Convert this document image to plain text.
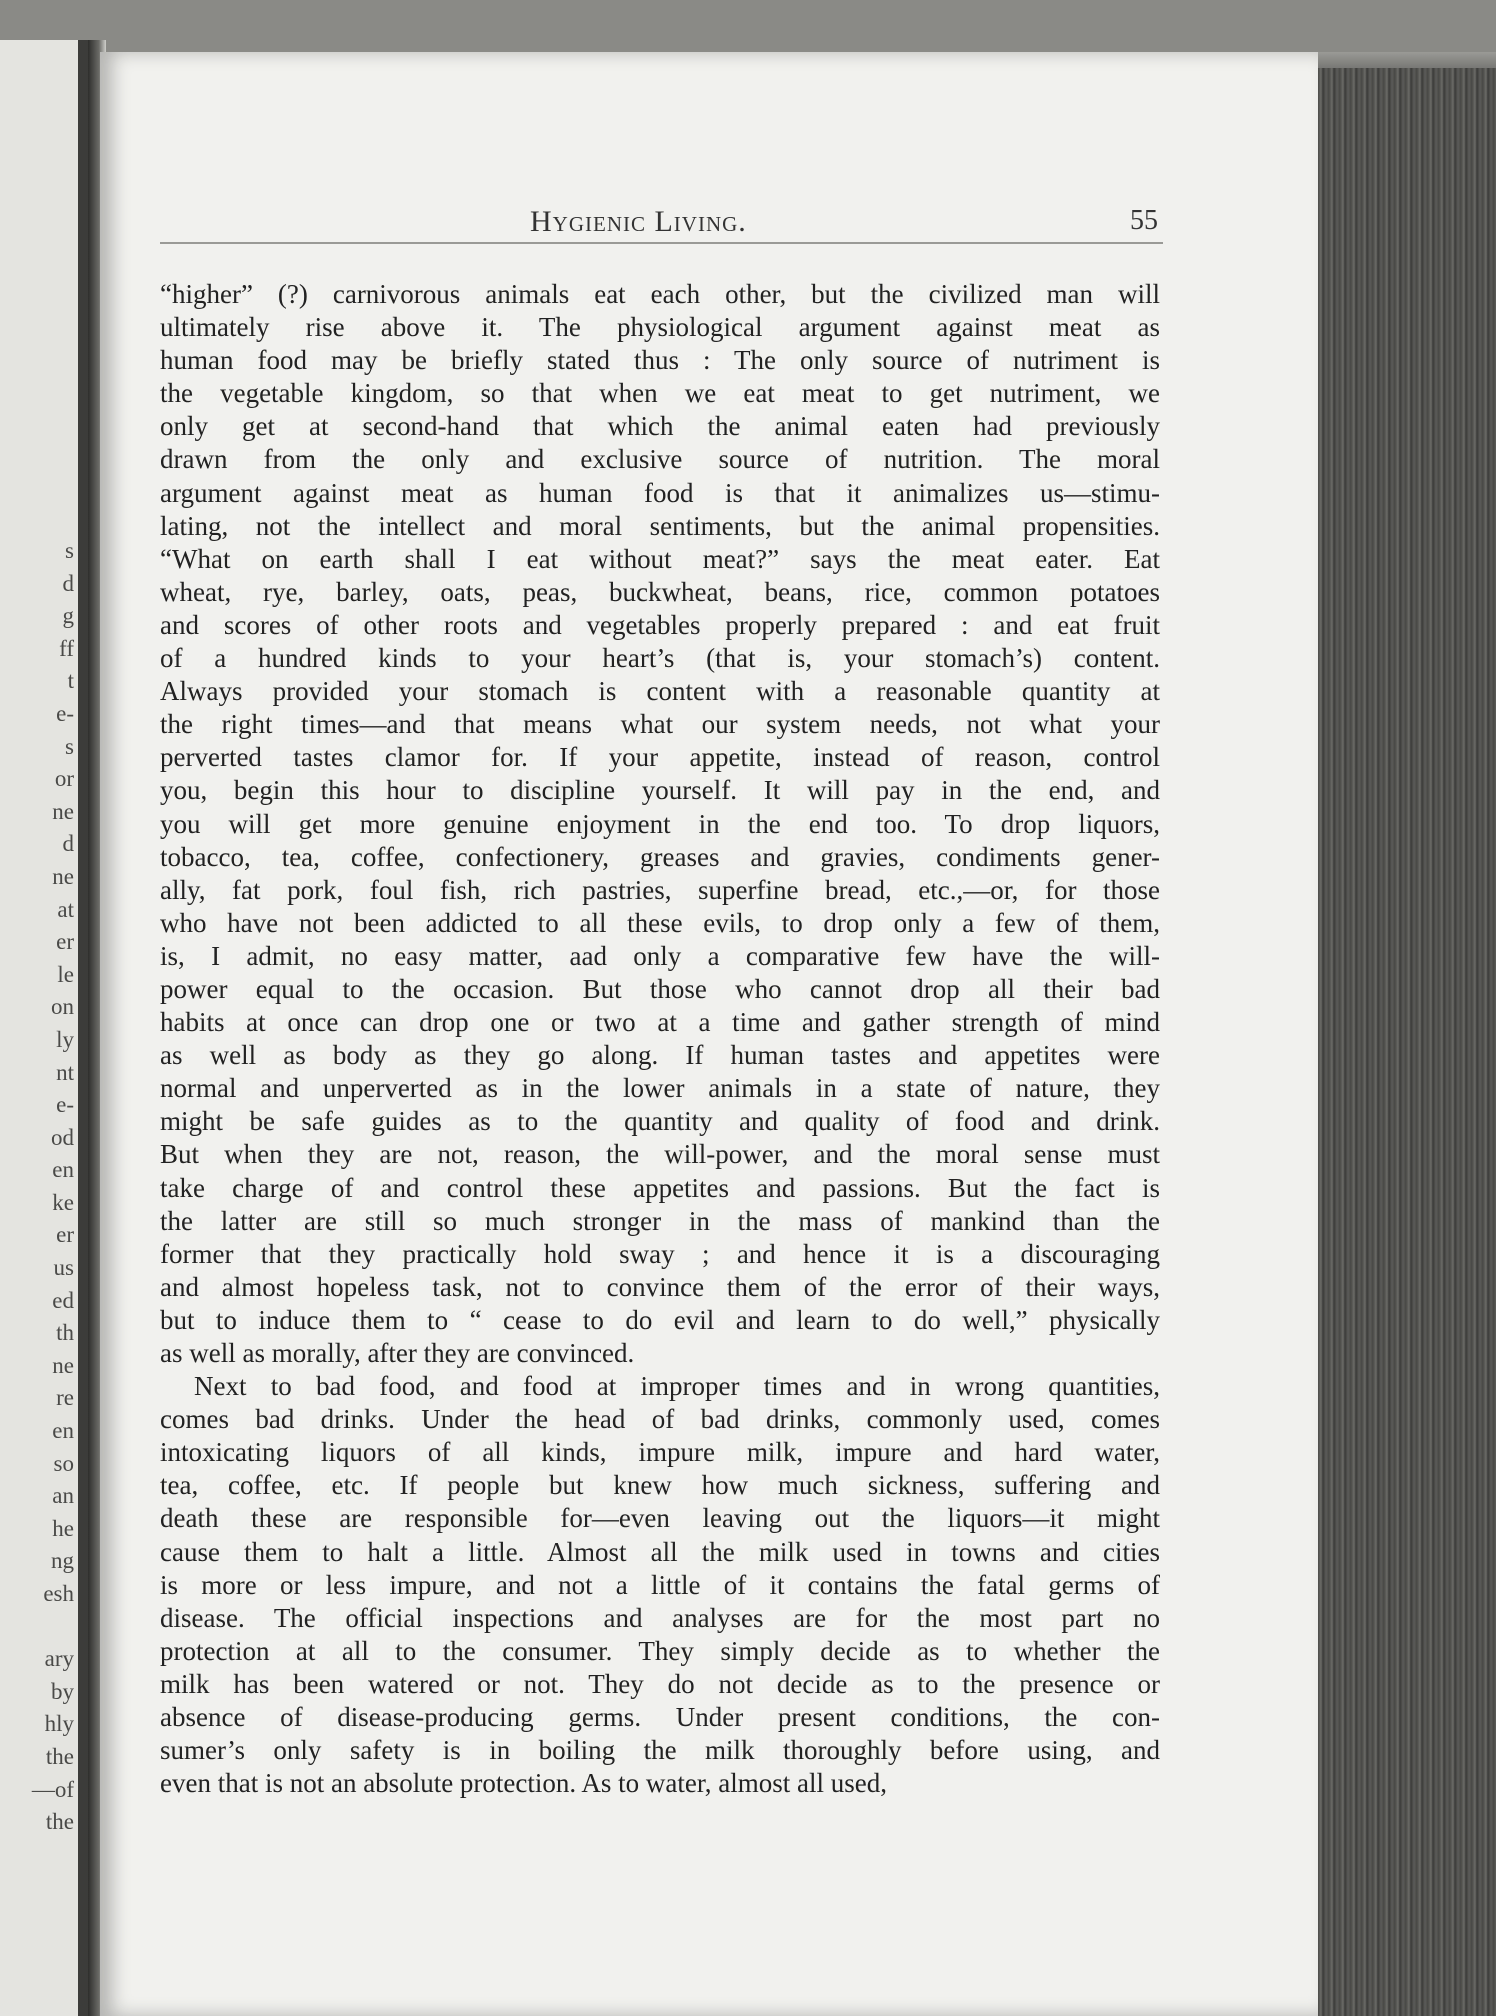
s
d
g
ff
t
e-
s
or
ne
d
ne
at
er
le
on
ly
nt
e-
od
en
ke
er
us
ed
th
ne
re
en
so
an
he
ng
esh
ary
by
hly
the
—of
the
Hygienic Living.	55
“higher” (?) carnivorous animals eat each other, but the civilized man will
ultimately rise above it. The physiological argument against meat as
human food may be briefly stated thus : The only source of nutriment is
the vegetable kingdom, so that when we eat meat to get nutriment, we
only get at second-hand that which the animal eaten had previously
drawn from the only and exclusive source of nutrition. The moral
argument against meat as human food is that it animalizes us—stimu-
lating, not the intellect and moral sentiments, but the animal propensities.
“What on earth shall I eat without meat?” says the meat eater. Eat
wheat, rye, barley, oats, peas, buckwheat, beans, rice, common potatoes
and scores of other roots and vegetables properly prepared : and eat fruit
of a hundred kinds to your heart’s (that is, your stomach’s) content.
Always provided your stomach is content with a reasonable quantity at
the right times—and that means what our system needs, not what your
perverted tastes clamor for. If your appetite, instead of reason, control
you, begin this hour to discipline yourself. It will pay in the end, and
you will get more genuine enjoyment in the end too. To drop liquors,
tobacco, tea, coffee, confectionery, greases and gravies, condiments gener-
ally, fat pork, foul fish, rich pastries, superfine bread, etc.,—or, for those
who have not been addicted to all these evils, to drop only a few of them,
is, I admit, no easy matter, aad only a comparative few have the will-
power equal to the occasion. But those who cannot drop all their bad
habits at once can drop one or two at a time and gather strength of mind
as well as body as they go along. If human tastes and appetites were
normal and unperverted as in the lower animals in a state of nature, they
might be safe guides as to the quantity and quality of food and drink.
But when they are not, reason, the will-power, and the moral sense must
take charge of and control these appetites and passions. But the fact is
the latter are still so much stronger in the mass of mankind than the
former that they practically hold sway ; and hence it is a discouraging
and almost hopeless task, not to convince them of the error of their ways,
but to induce them to “ cease to do evil and learn to do well,” physically
as well as morally, after they are convinced.
Next to bad food, and food at improper times and in wrong quantities,
comes bad drinks. Under the head of bad drinks, commonly used, comes
intoxicating liquors of all kinds, impure milk, impure and hard water,
tea, coffee, etc. If people but knew how much sickness, suffering and
death these are responsible for—even leaving out the liquors—it might
cause them to halt a little. Almost all the milk used in towns and cities
is more or less impure, and not a little of it contains the fatal germs of
disease. The official inspections and analyses are for the most part no
protection at all to the consumer. They simply decide as to whether the
milk has been watered or not. They do not decide as to the presence or
absence of disease-producing germs. Under present conditions, the con-
sumer’s only safety is in boiling the milk thoroughly before using, and
even that is not an absolute protection. As to water, almost all used,
